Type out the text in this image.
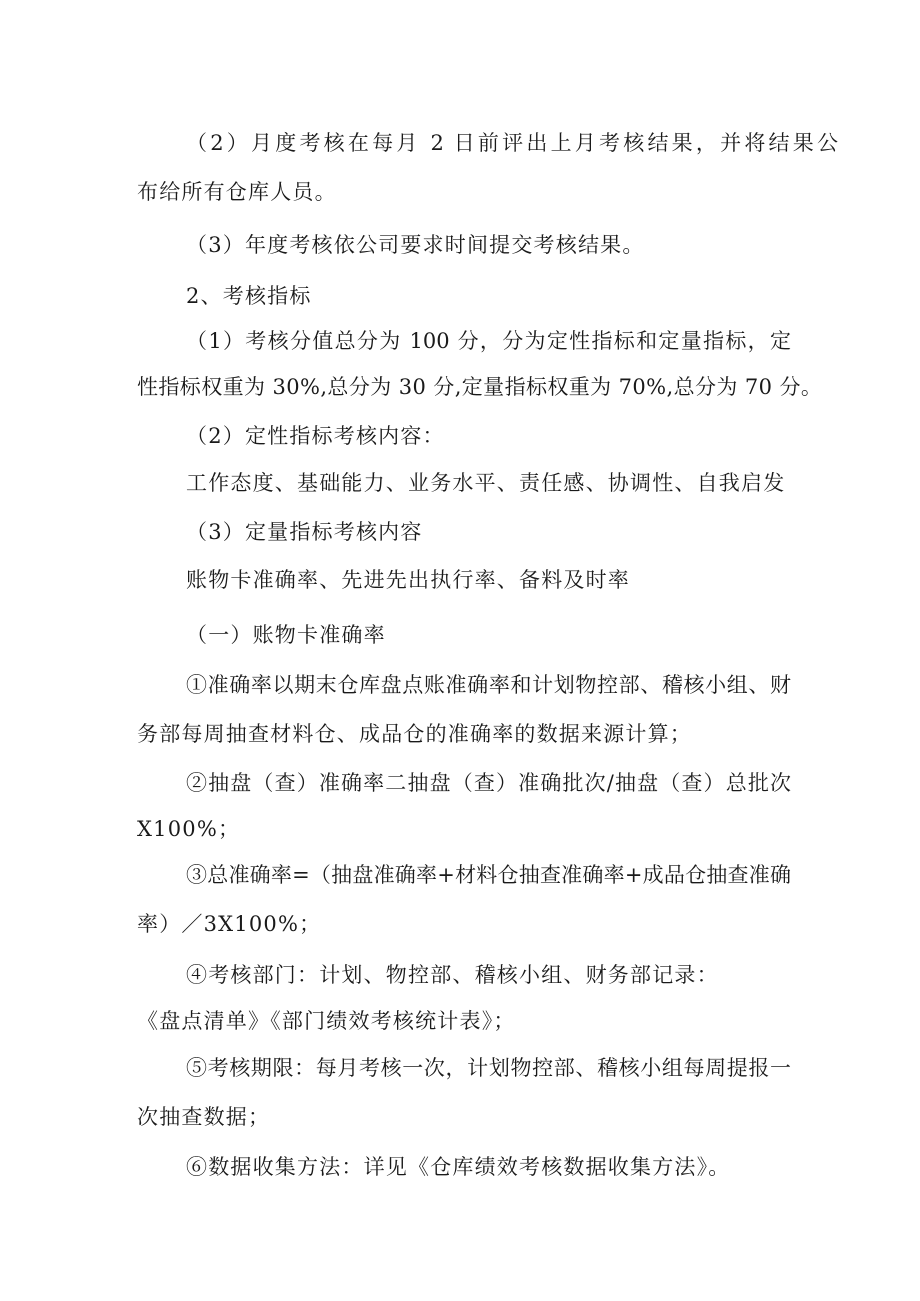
（2）月度考核在每月 2 日前评出上月考核结果，并将结果公
布给所有仓库人员。
（3）年度考核依公司要求时间提交考核结果。
2、考核指标
（1）考核分值总分为 100 分，分为定性指标和定量指标，定
性指标权重为 30%,总分为 30 分,定量指标权重为 70%,总分为 70 分。
（2）定性指标考核内容：
工作态度、基础能力、业务水平、责任感、协调性、自我启发
（3）定量指标考核内容
账物卡准确率、先进先出执行率、备料及时率
（一）账物卡准确率
①准确率以期末仓库盘点账准确率和计划物控部、稽核小组、财
务部每周抽查材料仓、成品仓的准确率的数据来源计算；
②抽盘（查）准确率二抽盘（查）准确批次/抽盘（查）总批次
X100%；
③总准确率=（抽盘准确率+材料仓抽查准确率+成品仓抽查准确
率）／3X100%；
④考核部门：计划、物控部、稽核小组、财务部记录：
《盘点清单》《部门绩效考核统计表》；
⑤考核期限：每月考核一次，计划物控部、稽核小组每周提报一
次抽查数据；
⑥数据收集方法：详见《仓库绩效考核数据收集方法》。
